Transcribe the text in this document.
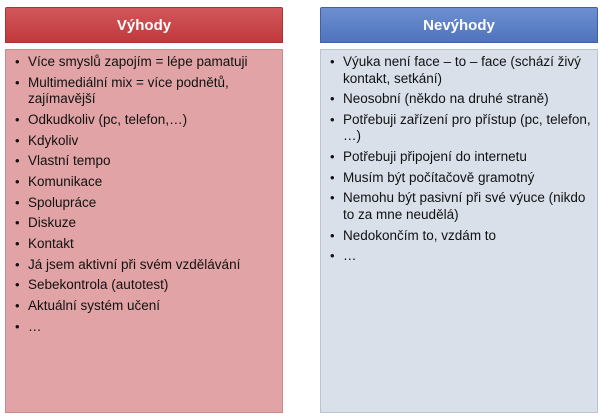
Výhody
• Více smyslů zapojím = lépe pamatuji
• Multimediální mix = více podnětů, zajímavější
• Odkudkoliv (pc, telefon,…)
• Kdykoliv
• Vlastní tempo
• Komunikace
• Spolupráce
• Diskuze
• Kontakt
• Já jsem aktivní při svém vzdělávání
• Sebekontrola (autotest)
• Aktuální systém učení
• …
Nevýhody
• Výuka není face – to – face (schází živý kontakt, setkání)
• Neosobní (někdo na druhé straně)
• Potřebuji zařízení pro přístup (pc, telefon, …)
• Potřebuji připojení do internetu
• Musím být počítačově gramotný
• Nemohu být pasivní při své výuce (nikdo to za mne neudělá)
• Nedokončím to, vzdám to
• …
